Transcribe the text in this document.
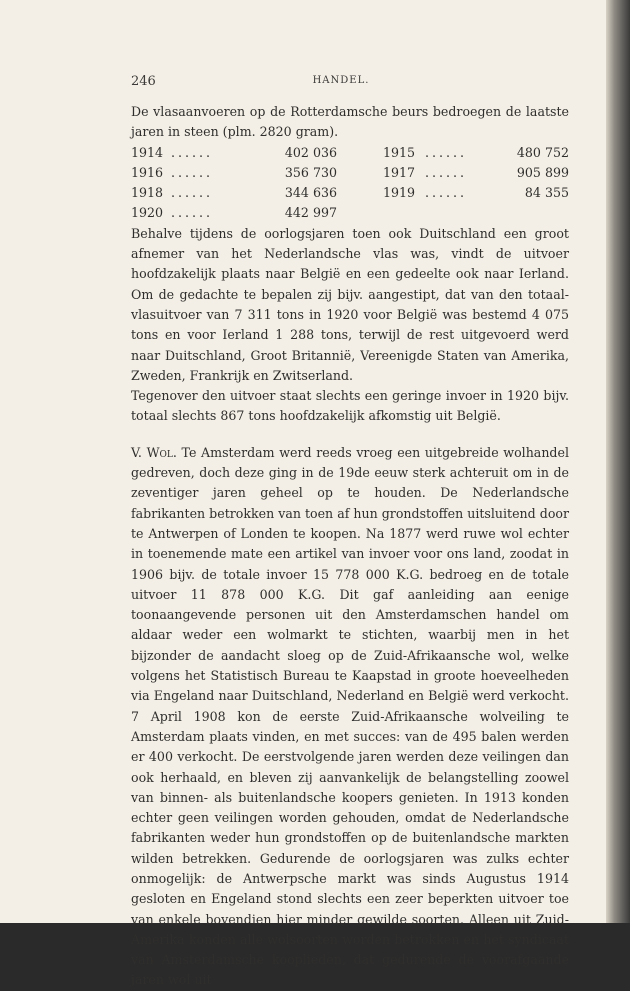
246	HANDEL.

De vlasaanvoeren op de Rotterdamsche beurs bedroegen de laatste jaren in steen (plm. 2820 gram).

1914 ......	402 036	1915 ......	480 752
1916 ......	356 730	1917 ......	905 899
1918 ......	344 636	1919 ......	84 355
1920 ......	442 997

Behalve tijdens de oorlogsjaren toen ook Duitschland een groot afnemer van het Nederlandsche vlas was, vindt de uitvoer hoofdzakelijk plaats naar België en een gedeelte ook naar Ierland. Om de gedachte te bepalen zij bijv. aangestipt, dat van den totaal-vlasuitvoer van 7 311 tons in 1920 voor België was bestemd 4 075 tons en voor Ierland 1 288 tons, terwijl de rest uitgevoerd werd naar Duitschland, Groot Britannië, Vereenigde Staten van Amerika, Zweden, Frankrijk en Zwitserland.

Tegenover den uitvoer staat slechts een geringe invoer in 1920 bijv. totaal slechts 867 tons hoofdzakelijk afkomstig uit België.

V. Wol. Te Amsterdam werd reeds vroeg een uitgebreide wolhandel gedreven, doch deze ging in de 19de eeuw sterk achteruit om in de zeventiger jaren geheel op te houden. De Nederlandsche fabrikanten betrokken van toen af hun grondstoffen uitsluitend door te Antwerpen of Londen te koopen. Na 1877 werd ruwe wol echter in toenemende mate een artikel van invoer voor ons land, zoodat in 1906 bijv. de totale invoer 15 778 000 K.G. bedroeg en de totale uitvoer 11 878 000 K.G. Dit gaf aanleiding aan eenige toonaangevende personen uit den Amsterdamschen handel om aldaar weder een wolmarkt te stichten, waarbij men in het bijzonder de aandacht sloeg op de Zuid-Afrikaansche wol, welke volgens het Statistisch Bureau te Kaapstad in groote hoeveelheden via Engeland naar Duitschland, Nederland en België werd verkocht. 7 April 1908 kon de eerste Zuid-Afrikaansche wolveiling te Amsterdam plaats vinden, en met succes: van de 495 balen werden er 400 verkocht. De eerstvolgende jaren werden deze veilingen dan ook herhaald, en bleven zij aanvankelijk de belangstelling zoowel van binnen- als buitenlandsche koopers genieten. In 1913 konden echter geen veilingen worden gehouden, omdat de Nederlandsche fabrikanten weder hun grondstoffen op de buitenlandsche markten wilden betrekken. Gedurende de oorlogsjaren was zulks echter onmogelijk: de Antwerpsche markt was sinds Augustus 1914 gesloten en Engeland stond slechts een zeer beperkten uitvoer toe van enkele bovendien hier minder gewilde soorten. Alleen uit Zuid-Amerika konden alle wolsoorten worden betrokken en het syndicaat van Amsterdamsche kooplieden, dat gedurende de voorafgaande jaren wol uit
